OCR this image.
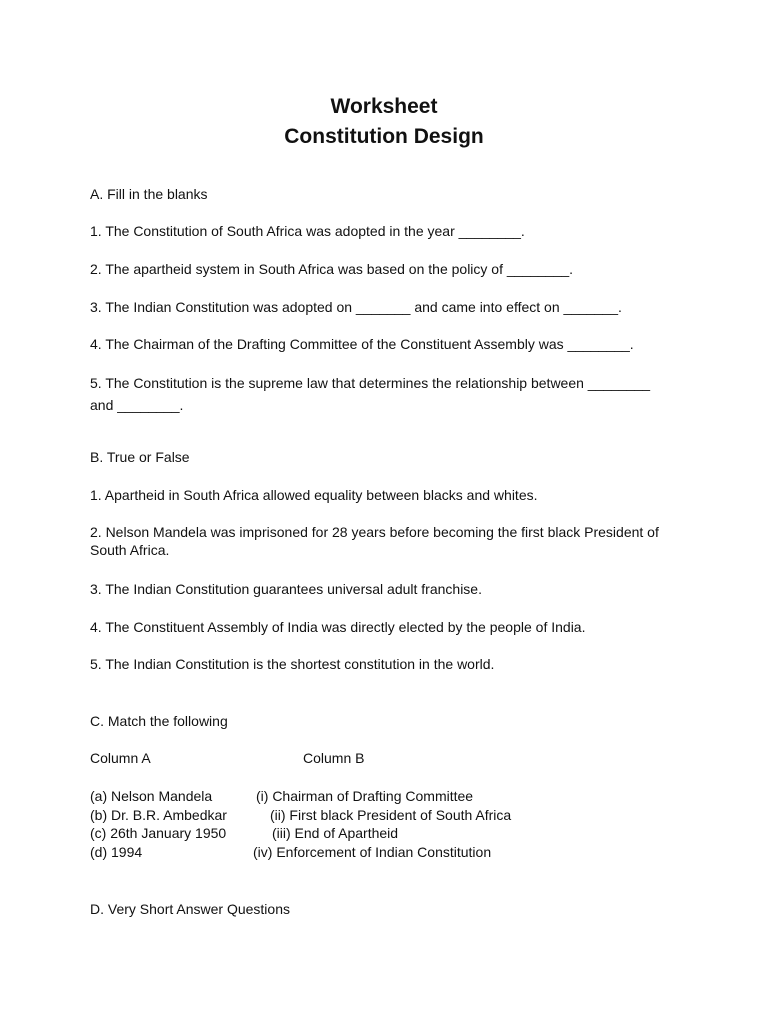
Worksheet
Constitution Design

A. Fill in the blanks

1. The Constitution of South Africa was adopted in the year ________.

2. The apartheid system in South Africa was based on the policy of ________.

3. The Indian Constitution was adopted on _______ and came into effect on _______.

4. The Chairman of the Drafting Committee of the Constituent Assembly was ________.

5. The Constitution is the supreme law that determines the relationship between ________ and ________.

B. True or False

1. Apartheid in South Africa allowed equality between blacks and whites.

2. Nelson Mandela was imprisoned for 28 years before becoming the first black President of South Africa.

3. The Indian Constitution guarantees universal adult franchise.

4. The Constituent Assembly of India was directly elected by the people of India.

5. The Indian Constitution is the shortest constitution in the world.

C. Match the following

Column A	Column B

(a) Nelson Mandela
(b) Dr. B.R. Ambedkar
(c) 26th January 1950
(d) 1994
(i) Chairman of Drafting Committee
(ii) First black President of South Africa
(iii) End of Apartheid
(iv) Enforcement of Indian Constitution

D. Very Short Answer Questions
